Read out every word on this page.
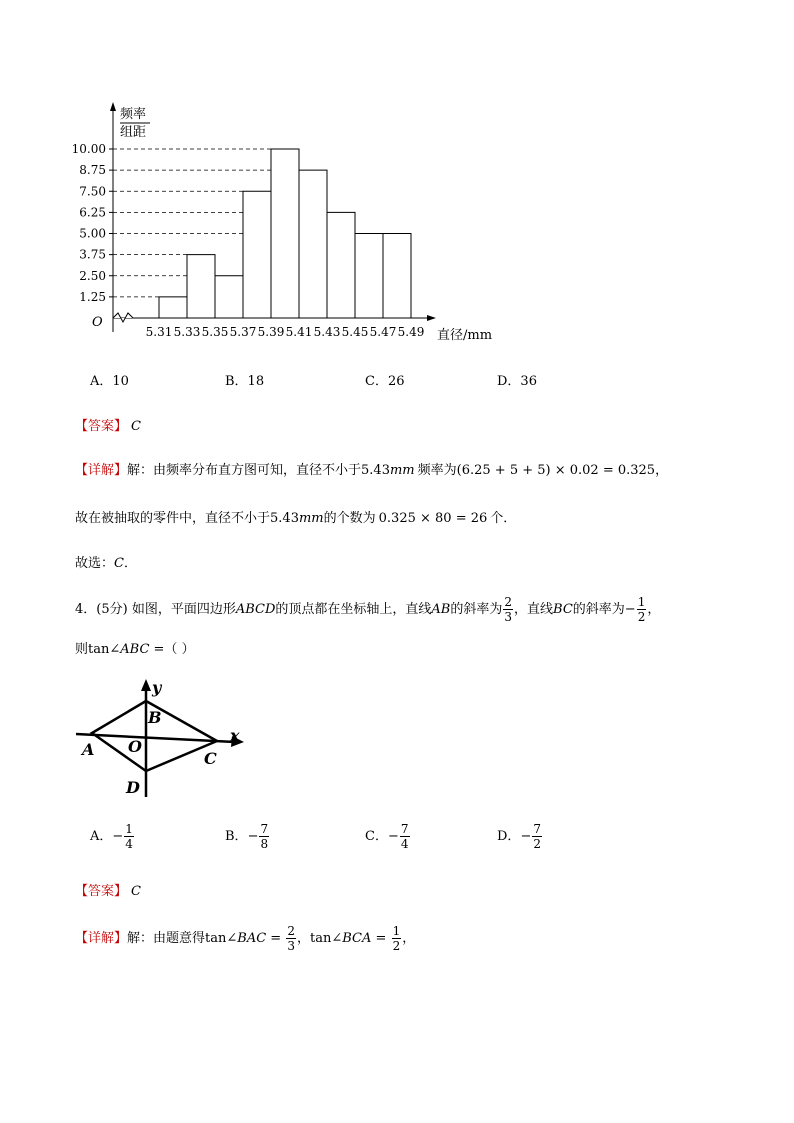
频率
组距
O
直径/mm
1.25
2.50
3.75
5.00
6.25
7.50
8.75
10.00
5.31 5.33 5.35 5.37 5.39 5.41 5.43 5.45 5.47 5.49
A．10	B．18	C．26	D．36
【答案】 C
【详解】解：由频率分布直方图可知，直径不小于5.43mm 频率为(6.25 + 5 + 5) × 0.02 = 0.325，
故在被抽取的零件中，直径不小于5.43mm的个数为 0.325 × 80 = 26 个．
故选：C．
4．(5分) 如图，平面四边形ABCD的顶点都在坐标轴上，直线AB的斜率为 $\frac{2}{3}$ ，直线BC的斜率为− $\frac{1}{2}$ ，
则tan∠ABC =（ ）
y
x
A
B
C
D
O
A．− $\frac{1}{4}$	B．− $\frac{7}{8}$	C．− $\frac{7}{4}$	D．− $\frac{7}{2}$
【答案】 C
【详解】解：由题意得tan∠BAC = $\frac{2}{3}$ ，tan∠BCA = $\frac{1}{2}$ ，
